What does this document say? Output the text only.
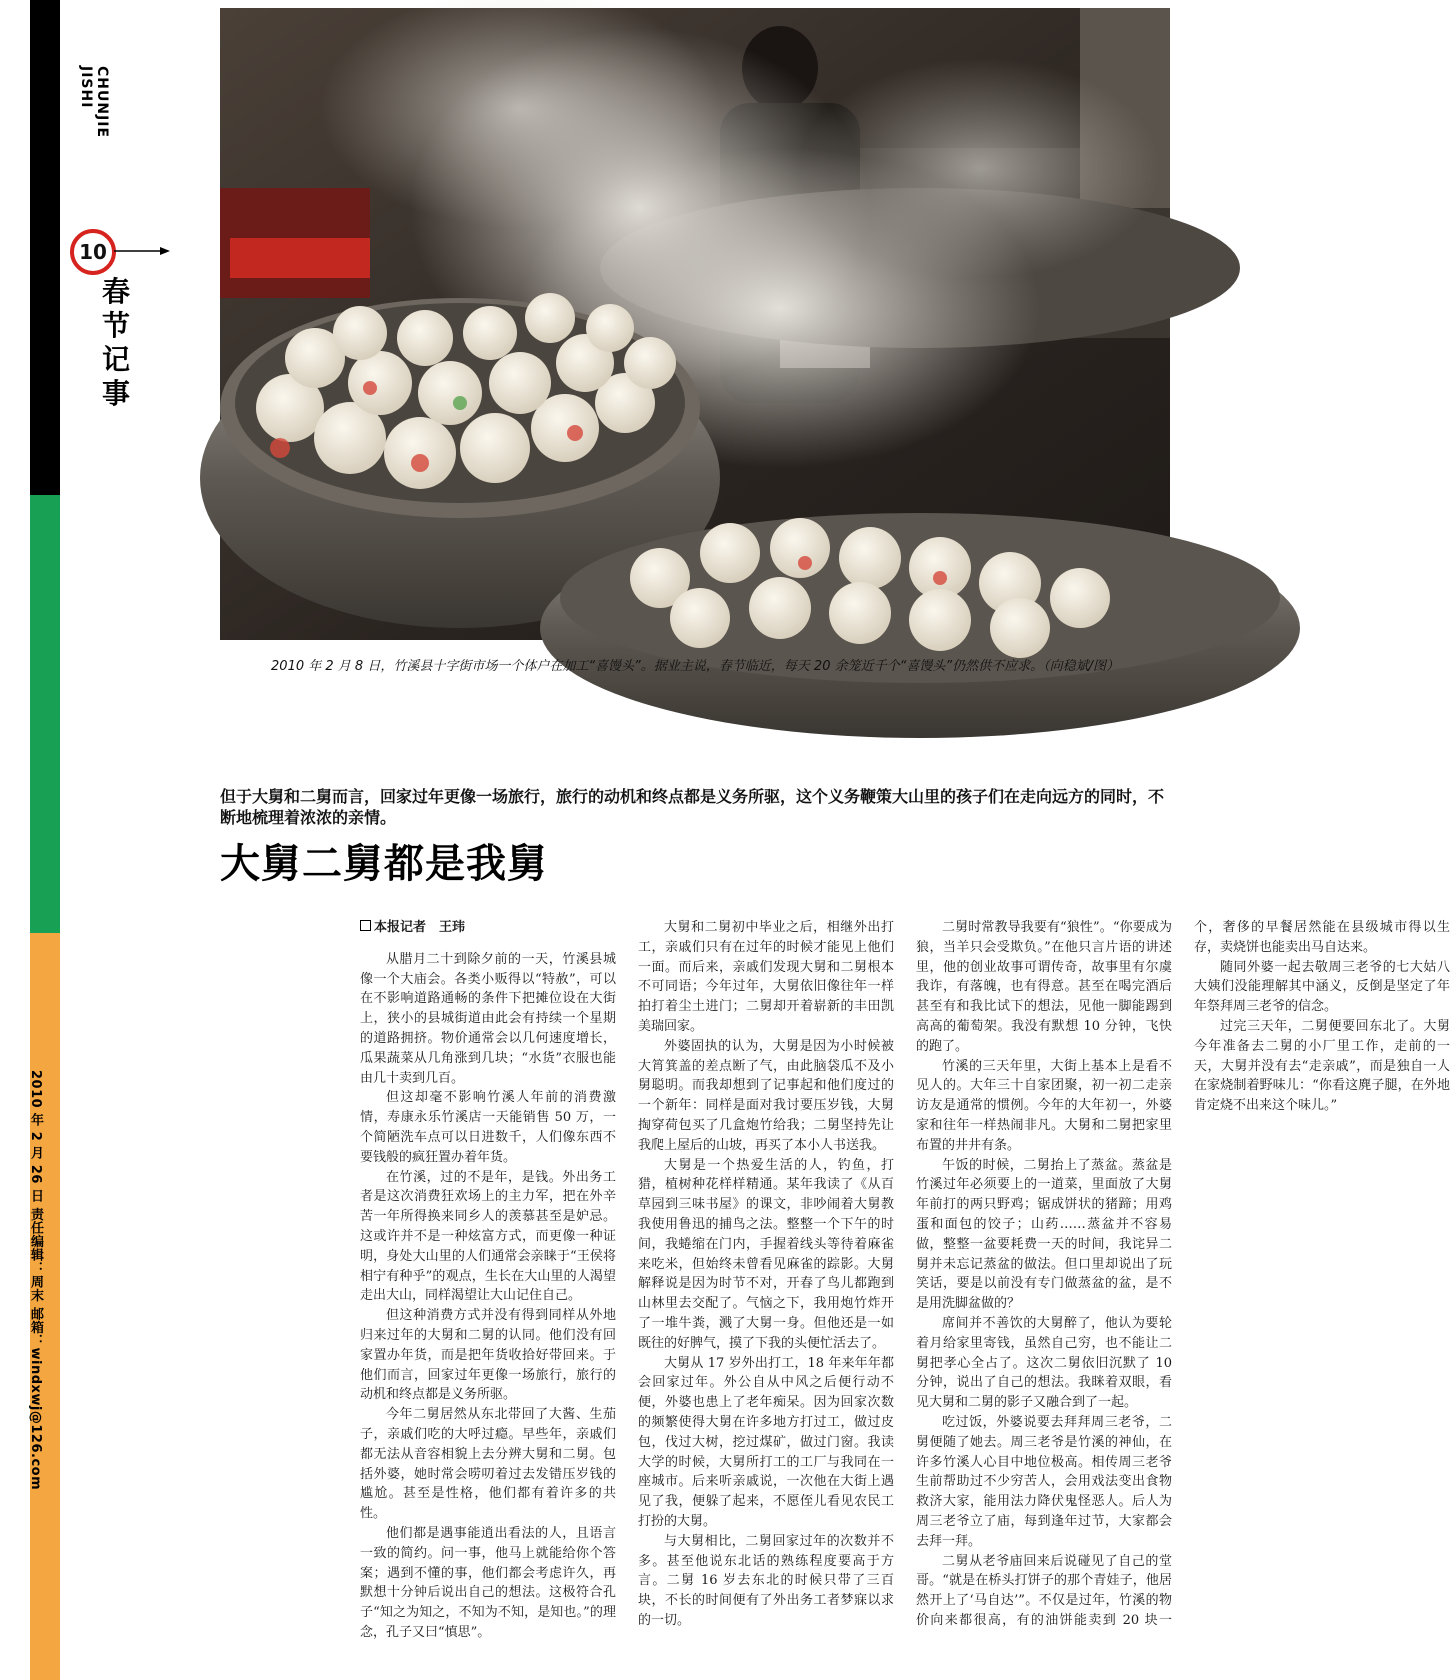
CHUNJIE
JISHI
10
春节记事
2010 年 2 月 26 日 责任编辑：周末 邮箱：windxwj@126.com
2010 年 2 月 8 日，竹溪县十字街市场一个体户在加工“喜馒头”。据业主说，春节临近，每天 20 余笼近千个“喜馒头”仍然供不应求。（向稳斌/图）
但于大舅和二舅而言，回家过年更像一场旅行，旅行的动机和终点都是义务所驱，这个义务鞭策大山里的孩子们在走向远方的同时，不断地梳理着浓浓的亲情。
大舅二舅都是我舅
本报记者　王玮

从腊月二十到除夕前的一天，竹溪县城像一个大庙会。各类小贩得以“特赦”，可以在不影响道路通畅的条件下把摊位设在大街上，狭小的县城街道由此会有持续一个星期的道路拥挤。物价通常会以几何速度增长，瓜果蔬菜从几角涨到几块；“水货”衣服也能由几十卖到几百。

但这却毫不影响竹溪人年前的消费激情，寿康永乐竹溪店一天能销售 50 万，一个简陋洗车点可以日进数千，人们像东西不要钱般的疯狂置办着年货。

在竹溪，过的不是年，是钱。外出务工者是这次消费狂欢场上的主力军，把在外辛苦一年所得换来同乡人的羡慕甚至是妒忌。这或许并不是一种炫富方式，而更像一种证明，身处大山里的人们通常会亲睐于“王侯将相宁有种乎”的观点，生长在大山里的人渴望走出大山，同样渴望让大山记住自己。

但这种消费方式并没有得到同样从外地归来过年的大舅和二舅的认同。他们没有回家置办年货，而是把年货收拾好带回来。于他们而言，回家过年更像一场旅行，旅行的动机和终点都是义务所驱。

今年二舅居然从东北带回了大酱、生茄子，亲戚们吃的大呼过瘾。早些年，亲戚们都无法从音容相貌上去分辨大舅和二舅。包括外婆，她时常会唠叨着过去发错压岁钱的尴尬。甚至是性格，他们都有着许多的共性。

他们都是遇事能逍出看法的人，且语言一致的简约。问一事，他马上就能给你个答案；遇到不懂的事，他们都会考虑许久，再默想十分钟后说出自己的想法。这极符合孔子“知之为知之，不知为不知，是知也。”的理念，孔子又曰“慎思”。

大舅和二舅初中毕业之后，相继外出打工，亲戚们只有在过年的时候才能见上他们一面。而后来，亲戚们发现大舅和二舅根本不可同语；今年过年，大舅依旧像往年一样拍打着尘土进门；二舅却开着崭新的丰田凯美瑞回家。

外婆固执的认为，大舅是因为小时候被大筲箕盖的差点断了气，由此脑袋瓜不及小舅聪明。而我却想到了记事起和他们度过的一个新年：同样是面对我讨要压岁钱，大舅掏穿荷包买了几盒炮竹给我；二舅坚持先让我爬上屋后的山坡，再买了本小人书送我。

大舅是一个热爱生活的人，钓鱼，打猎，植树种花样样精通。某年我读了《从百草园到三味书屋》的课文，非吵闹着大舅教我使用鲁迅的捕鸟之法。整整一个下午的时间，我蜷缩在门内，手握着线头等待着麻雀来吃米，但始终未曾看见麻雀的踪影。大舅解释说是因为时节不对，开春了鸟儿都跑到山林里去交配了。气恼之下，我用炮竹炸开了一堆牛粪，溅了大舅一身。但他还是一如既往的好脾气，摸了下我的头便忙活去了。

大舅从 17 岁外出打工，18 年来年年都会回家过年。外公自从中风之后便行动不便，外婆也患上了老年痴呆。因为回家次数的频繁使得大舅在许多地方打过工，做过皮包，伐过大树，挖过煤矿，做过门窗。我读大学的时候，大舅所打工的工厂与我同在一座城市。后来听亲戚说，一次他在大街上遇见了我，便躲了起来，不愿侄儿看见农民工打扮的大舅。

与大舅相比，二舅回家过年的次数并不多。甚至他说东北话的熟练程度要高于方言。二舅 16 岁去东北的时候只带了三百块，不长的时间便有了外出务工者梦寐以求的一切。

二舅时常教导我要有“狼性”。“你要成为狼，当羊只会受欺负。”在他只言片语的讲述里，他的创业故事可谓传奇，故事里有尔虞我诈，有落魄，也有得意。甚至在喝完酒后甚至有和我比试下的想法，见他一脚能踢到高高的葡萄架。我没有默想 10 分钟，飞快的跑了。

竹溪的三天年里，大街上基本上是看不见人的。大年三十自家团聚，初一初二走亲访友是通常的惯例。今年的大年初一，外婆家和往年一样热闹非凡。大舅和二舅把家里布置的井井有条。

午饭的时候，二舅抬上了蒸盆。蒸盆是竹溪过年必须要上的一道菜，里面放了大舅年前打的两只野鸡；锯成饼状的猪蹄；用鸡蛋和面包的饺子；山药……蒸盆并不容易做，整整一盆要耗费一天的时间，我诧异二舅并未忘记蒸盆的做法。但口里却说出了玩笑话，要是以前没有专门做蒸盆的盆，是不是用洗脚盆做的？

席间并不善饮的大舅醉了，他认为要轮着月给家里寄钱，虽然自己穷，也不能让二舅把孝心全占了。这次二舅依旧沉默了 10 分钟，说出了自己的想法。我眯着双眼，看见大舅和二舅的影子又融合到了一起。

吃过饭，外婆说要去拜拜周三老爷，二舅便随了她去。周三老爷是竹溪的神仙，在许多竹溪人心目中地位极高。相传周三老爷生前帮助过不少穷苦人，会用戏法变出食物救济大家，能用法力降伏鬼怪恶人。后人为周三老爷立了庙，每到逢年过节，大家都会去拜一拜。

二舅从老爷庙回来后说碰见了自己的堂哥。“就是在桥头打饼子的那个青娃子，他居然开上了‘马自达’”。不仅是过年，竹溪的物价向来都很高，有的油饼能卖到 20 块一个，奢侈的早餐居然能在县级城市得以生存，卖烧饼也能卖出马自达来。

随同外婆一起去敬周三老爷的七大姑八大姨们没能理解其中涵义，反倒是坚定了年年祭拜周三老爷的信念。

过完三天年，二舅便要回东北了。大舅今年准备去二舅的小厂里工作，走前的一天，大舅并没有去“走亲戚”，而是独自一人在家烧制着野味儿：“你看这麂子腿，在外地肯定烧不出来这个味儿。”
